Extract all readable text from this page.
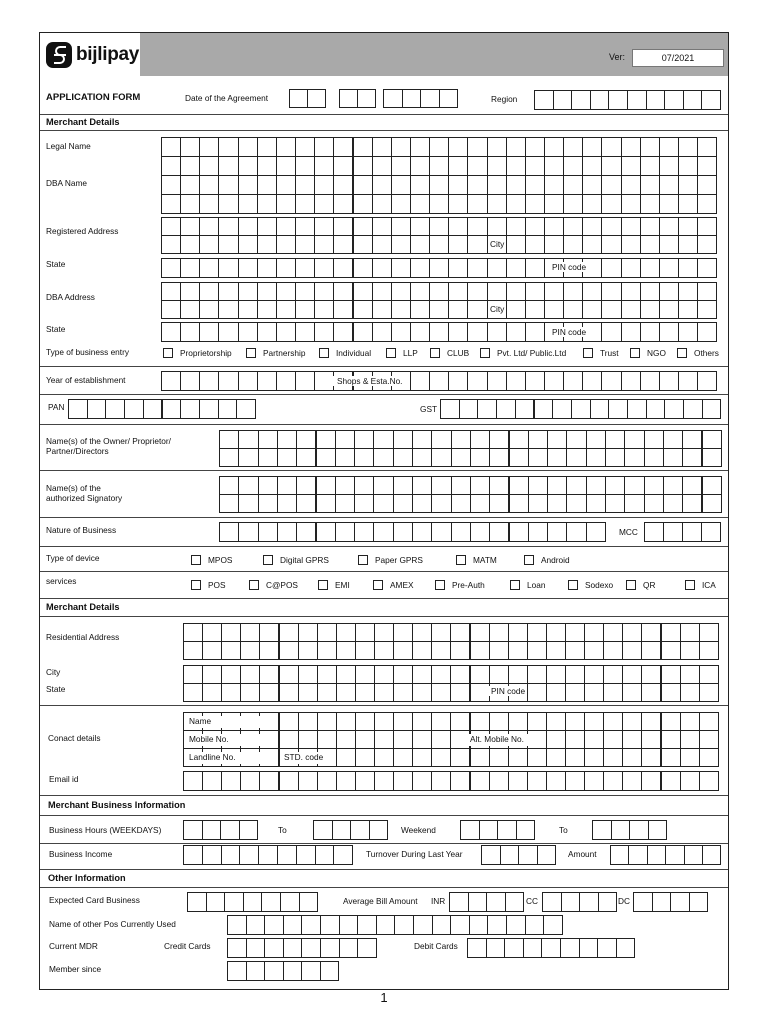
bijlipay	Ver:	07/2021
APPLICATION FORM	Date of the Agreement	Region
Merchant Details
Legal Name
DBA Name
Registered Address
City
State	PIN code
DBA Address
City
State	PIN code
Type of business entry
Year of establishment	Shops & Esta.No.
PAN	GST
Name(s) of the Owner/ Proprietor/
Partner/Directors
Name(s) of the
authorized Signatory
Nature of Business	MCC
Type of device
services
Merchant Details
Residential Address
City
State	PIN code
Conact details
Name
Mobile No.
Landline No.	STD. code
Alt. Mobile No.
Email id
Merchant Business Information
Business Hours (WEEKDAYS)	To	Weekend	To
Business Income	Turnover During Last Year	Amount
Other Information
Expected Card Business	Average Bill Amount INR	CC	DC
Name of other Pos Currently Used
Current MDR	Credit Cards	Debit Cards
Member since
Proprietorship	Partnership	Individual	LLP	CLUB	Pvt. Ltd/ Public.Ltd	Trust	NGO	Others
MPOS	Digital GPRS	Paper GPRS	MATM	Android
POS	C@POS	EMI	AMEX	Pre-Auth	Loan	Sodexo	QR	ICA
1
